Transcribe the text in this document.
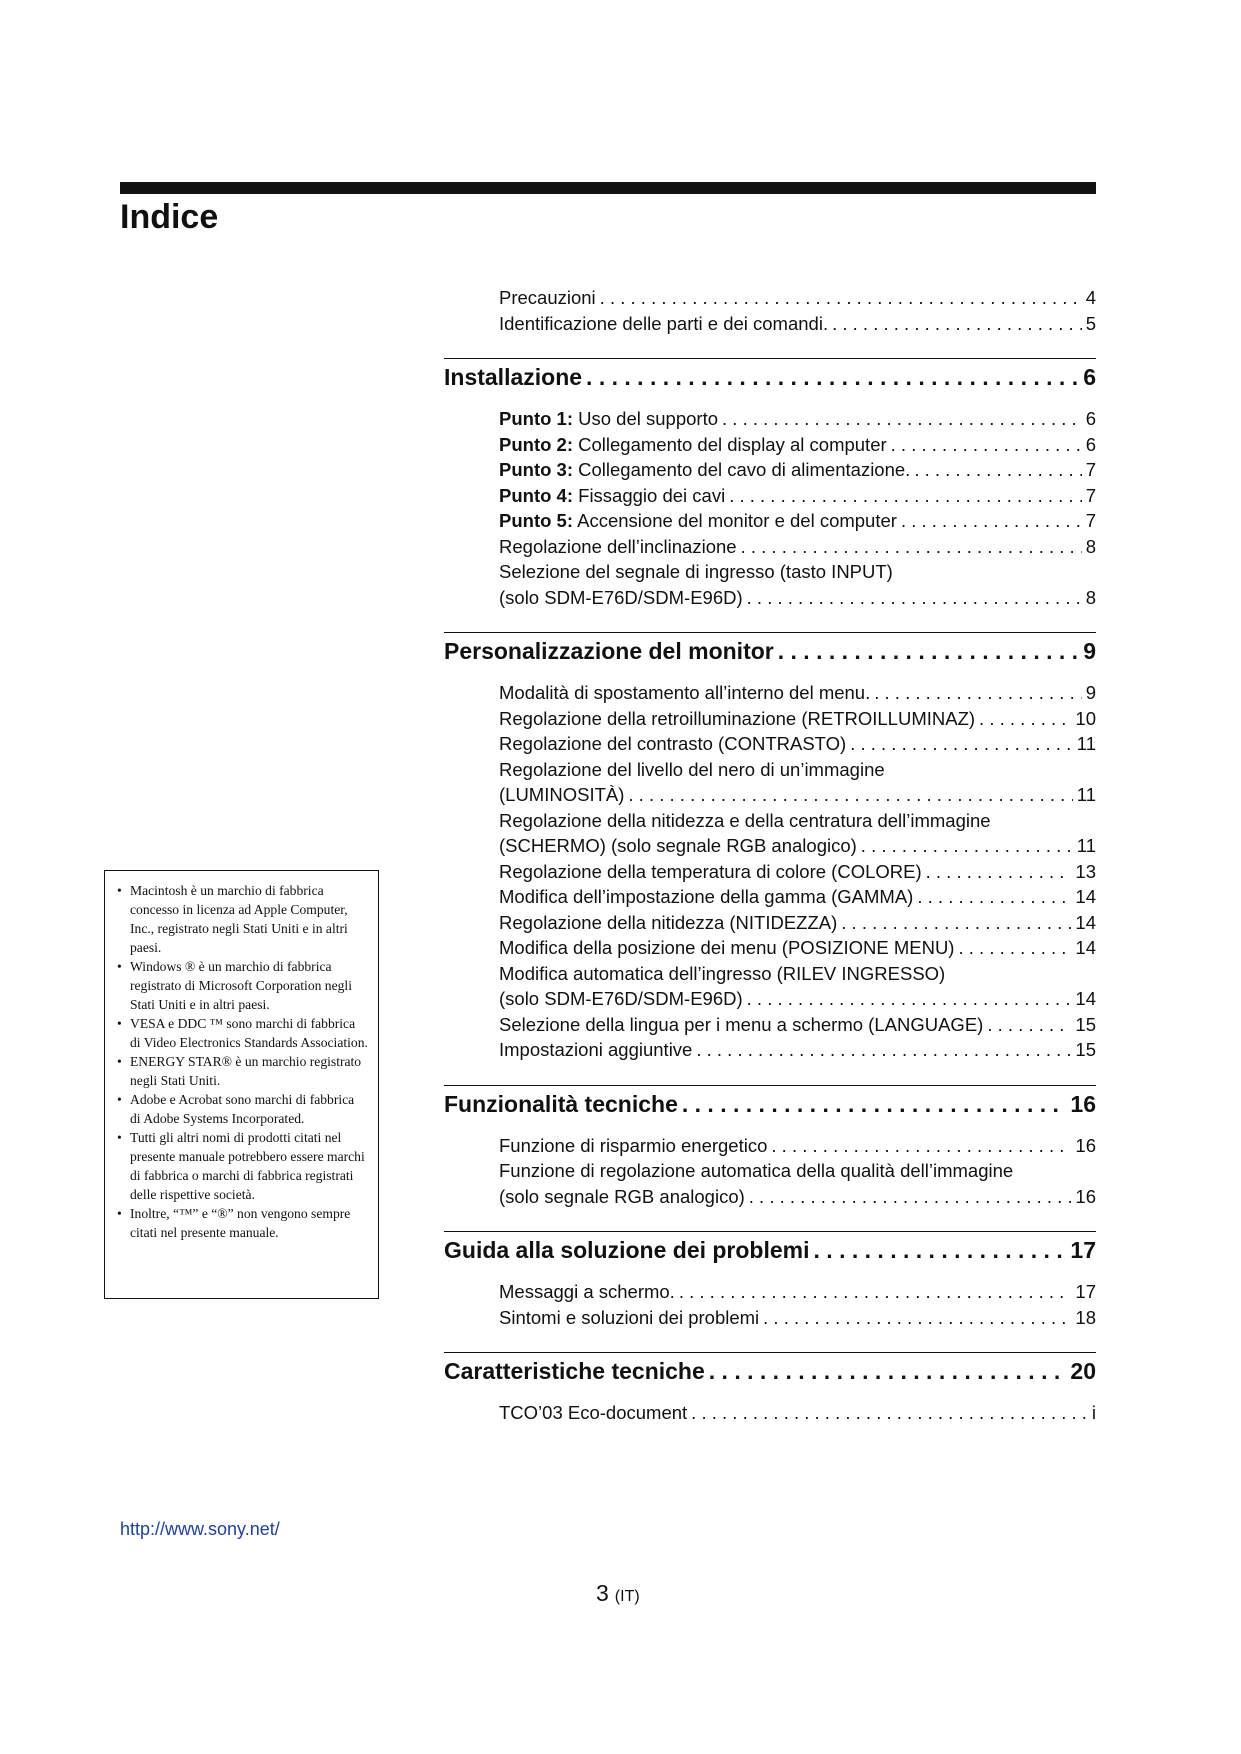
Indice
Precauzioni . . .	4
Identificazione delle parti e dei comandi. . . .	5
Installazione . . .	6
Punto 1: Uso del supporto . . .	6
Punto 2: Collegamento del display al computer . . .	6
Punto 3: Collegamento del cavo di alimentazione. . . .	7
Punto 4: Fissaggio dei cavi . . .	7
Punto 5: Accensione del monitor e del computer . . .	7
Regolazione dell’inclinazione . . .	8
Selezione del segnale di ingresso (tasto INPUT)
(solo SDM-E76D/SDM-E96D) . . .	8
Personalizzazione del monitor . . .	9
Modalità di spostamento all’interno del menu. . . .	9
Regolazione della retroilluminazione (RETROILLUMINAZ) . . .	10
Regolazione del contrasto (CONTRASTO) . . .	11
Regolazione del livello del nero di un’immagine
(LUMINOSITÀ) . . .	11
Regolazione della nitidezza e della centratura dell’immagine
(SCHERMO) (solo segnale RGB analogico) . . .	11
Regolazione della temperatura di colore (COLORE) . . .	13
Modifica dell’impostazione della gamma (GAMMA) . . .	14
Regolazione della nitidezza (NITIDEZZA) . . .	14
Modifica della posizione dei menu (POSIZIONE MENU) . . .	14
Modifica automatica dell’ingresso (RILEV INGRESSO)
(solo SDM-E76D/SDM-E96D) . . .	14
Selezione della lingua per i menu a schermo (LANGUAGE) . . .	15
Impostazioni aggiuntive . . .	15
Funzionalità tecniche . . .	16
Funzione di risparmio energetico . . .	16
Funzione di regolazione automatica della qualità dell’immagine
(solo segnale RGB analogico) . . .	16
Guida alla soluzione dei problemi . . .	17
Messaggi a schermo. . . .	17
Sintomi e soluzioni dei problemi . . .	18
Caratteristiche tecniche . . .	20
TCO’03 Eco-document . . .	i
• Macintosh è un marchio di fabbrica concesso in licenza ad Apple Computer, Inc., registrato negli Stati Uniti e in altri paesi.
• Windows ® è un marchio di fabbrica registrato di Microsoft Corporation negli Stati Uniti e in altri paesi.
• VESA e DDC ™ sono marchi di fabbrica di Video Electronics Standards Association.
• ENERGY STAR® è un marchio registrato negli Stati Uniti.
• Adobe e Acrobat sono marchi di fabbrica di Adobe Systems Incorporated.
• Tutti gli altri nomi di prodotti citati nel presente manuale potrebbero essere marchi di fabbrica o marchi di fabbrica registrati delle rispettive società.
• Inoltre, “™” e “®” non vengono sempre citati nel presente manuale.
http://www.sony.net/
3 (IT)
